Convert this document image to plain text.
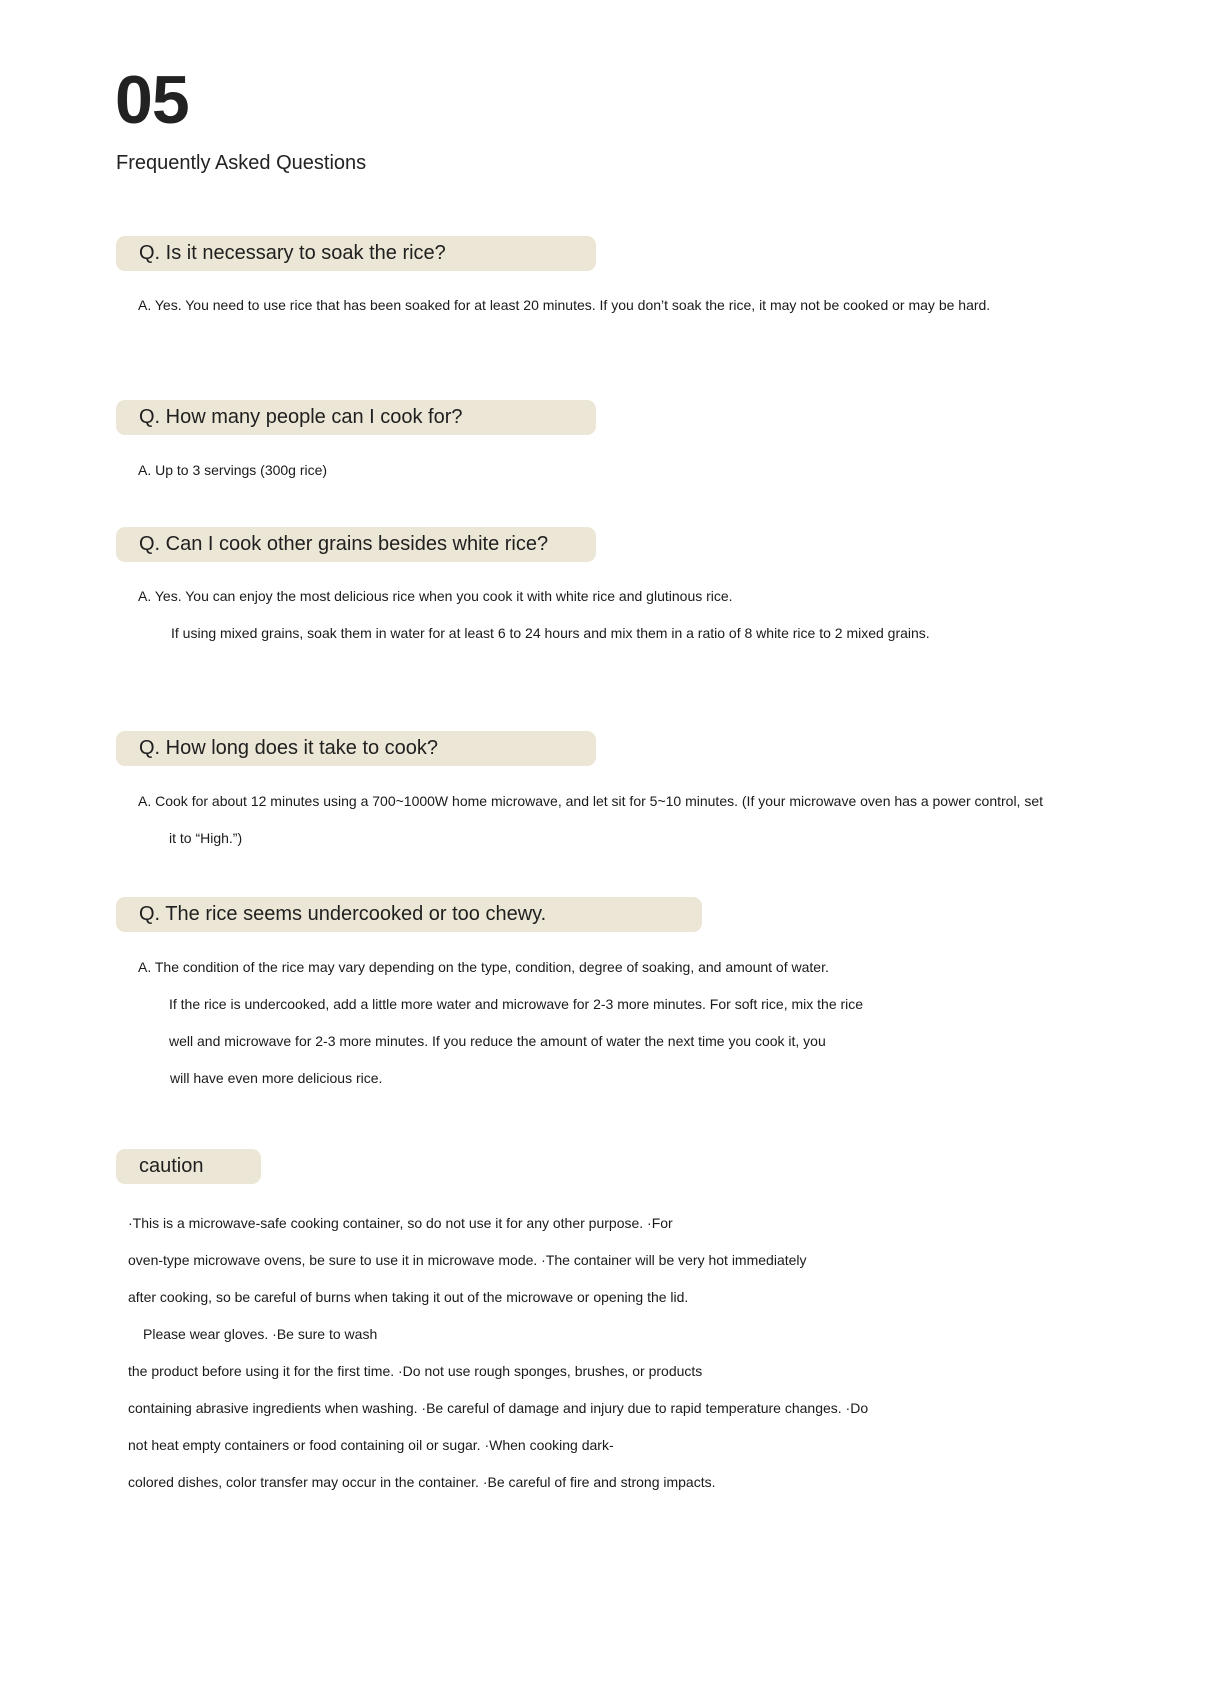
05
Frequently Asked Questions
Q. Is it necessary to soak the rice?

A. Yes. You need to use rice that has been soaked for at least 20 minutes. If you don’t soak the rice, it may not be cooked or may be hard.

Q. How many people can I cook for?

A. Up to 3 servings (300g rice)

Q. Can I cook other grains besides white rice?

A. Yes. You can enjoy the most delicious rice when you cook it with white rice and glutinous rice.

If using mixed grains, soak them in water for at least 6 to 24 hours and mix them in a ratio of 8 white rice to 2 mixed grains.

Q. How long does it take to cook?

A. Cook for about 12 minutes using a 700~1000W home microwave, and let sit for 5~10 minutes. (If your microwave oven has a power control, set

it to “High.”)

Q. The rice seems undercooked or too chewy.

A. The condition of the rice may vary depending on the type, condition, degree of soaking, and amount of water.

If the rice is undercooked, add a little more water and microwave for 2-3 more minutes. For soft rice, mix the rice

well and microwave for 2-3 more minutes. If you reduce the amount of water the next time you cook it, you

will have even more delicious rice.

caution

·This is a microwave-safe cooking container, so do not use it for any other purpose. ·For

oven-type microwave ovens, be sure to use it in microwave mode. ·The container will be very hot immediately

after cooking, so be careful of burns when taking it out of the microwave or opening the lid.

Please wear gloves. ·Be sure to wash

the product before using it for the first time. ·Do not use rough sponges, brushes, or products

containing abrasive ingredients when washing. ·Be careful of damage and injury due to rapid temperature changes. ·Do

not heat empty containers or food containing oil or sugar. ·When cooking dark-

colored dishes, color transfer may occur in the container. ·Be careful of fire and strong impacts.
